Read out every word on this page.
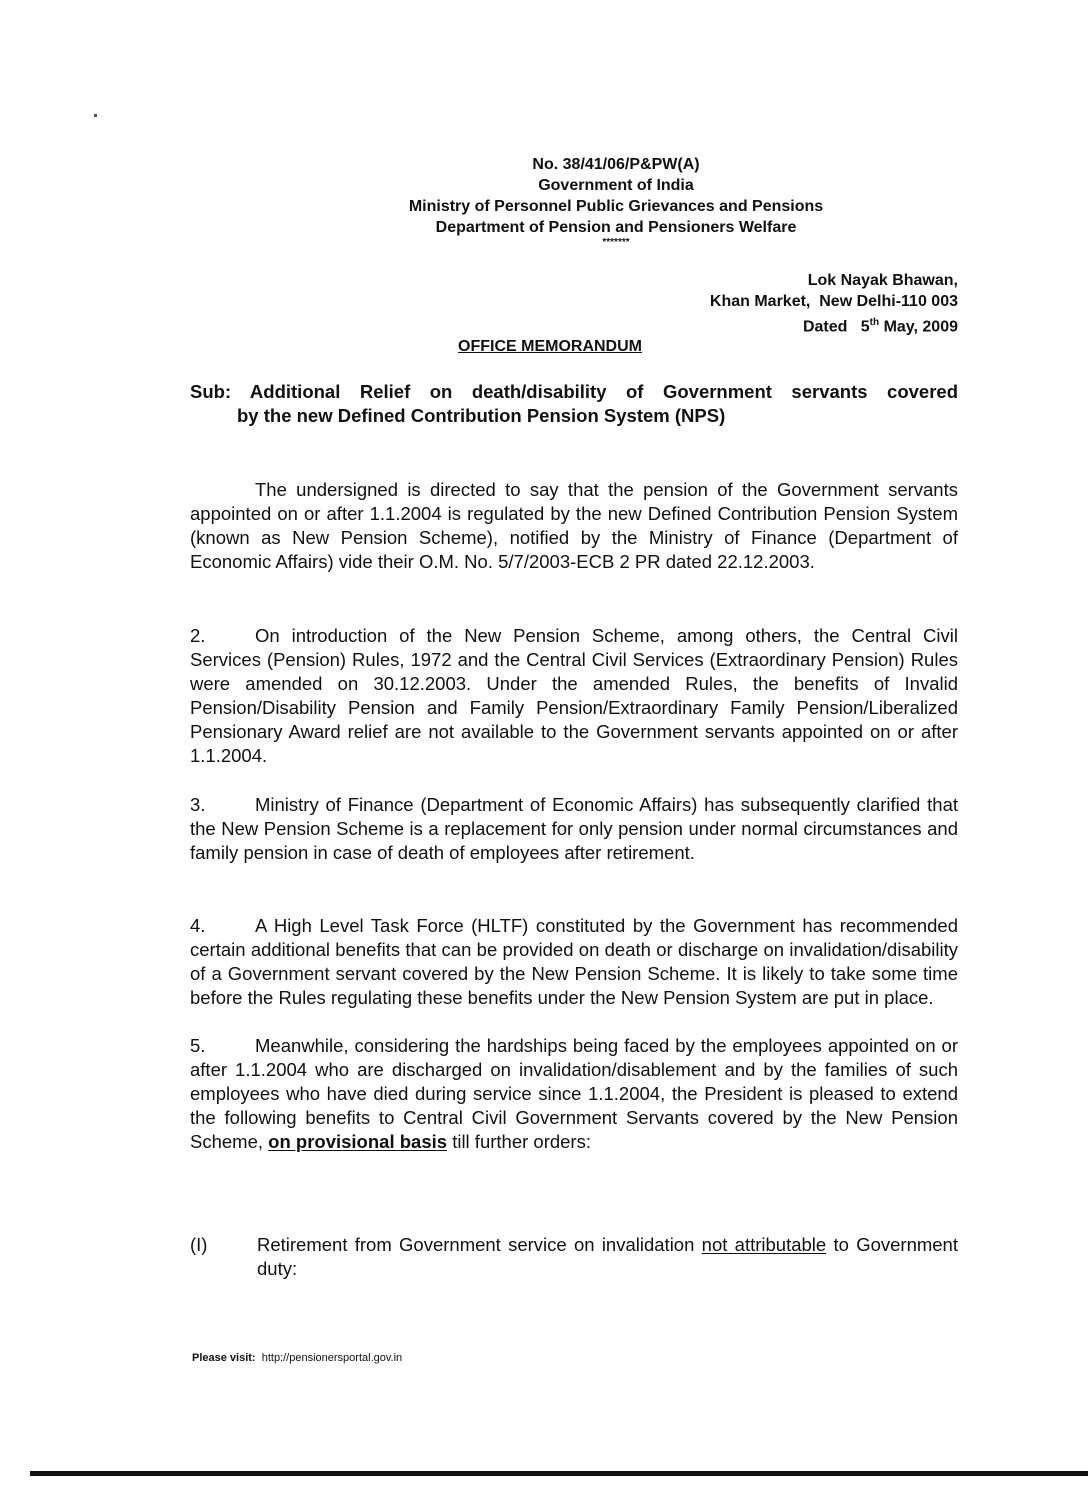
No. 38/41/06/P&PW(A)
Government of India
Ministry of Personnel Public Grievances and Pensions
Department of Pension and Pensioners Welfare
*******
Lok Nayak Bhawan,
Khan Market,  New Delhi-110 003
Dated 5th May, 2009
OFFICE MEMORANDUM
Sub: Additional Relief on death/disability of Government servants covered
by the new Defined Contribution Pension System (NPS)
The undersigned is directed to say that the pension of the Government servants appointed on or after 1.1.2004 is regulated by the new Defined Contribution Pension System (known as New Pension Scheme), notified by the Ministry of Finance (Department of Economic Affairs) vide their O.M. No. 5/7/2003-ECB 2 PR dated 22.12.2003.
2.	On introduction of the New Pension Scheme, among others, the Central Civil Services (Pension) Rules, 1972 and the Central Civil Services (Extraordinary Pension) Rules were amended on 30.12.2003. Under the amended Rules, the benefits of Invalid Pension/Disability Pension and Family Pension/Extraordinary Family Pension/Liberalized Pensionary Award relief are not available to the Government servants appointed on or after 1.1.2004.
3.	Ministry of Finance (Department of Economic Affairs) has subsequently clarified that the New Pension Scheme is a replacement for only pension under normal circumstances and family pension in case of death of employees after retirement.
4.	A High Level Task Force (HLTF) constituted by the Government has recommended certain additional benefits that can be provided on death or discharge on invalidation/disability of a Government servant covered by the New Pension Scheme. It is likely to take some time before the Rules regulating these benefits under the New Pension System are put in place.
5.	Meanwhile, considering the hardships being faced by the employees appointed on or after 1.1.2004 who are discharged on invalidation/disablement and by the families of such employees who have died during service since 1.1.2004, the President is pleased to extend the following benefits to Central Civil Government Servants covered by the New Pension Scheme, on provisional basis till further orders:
(I)	Retirement from Government service on invalidation not attributable to Government duty:
Please visit: http://pensionersportal.gov.in
